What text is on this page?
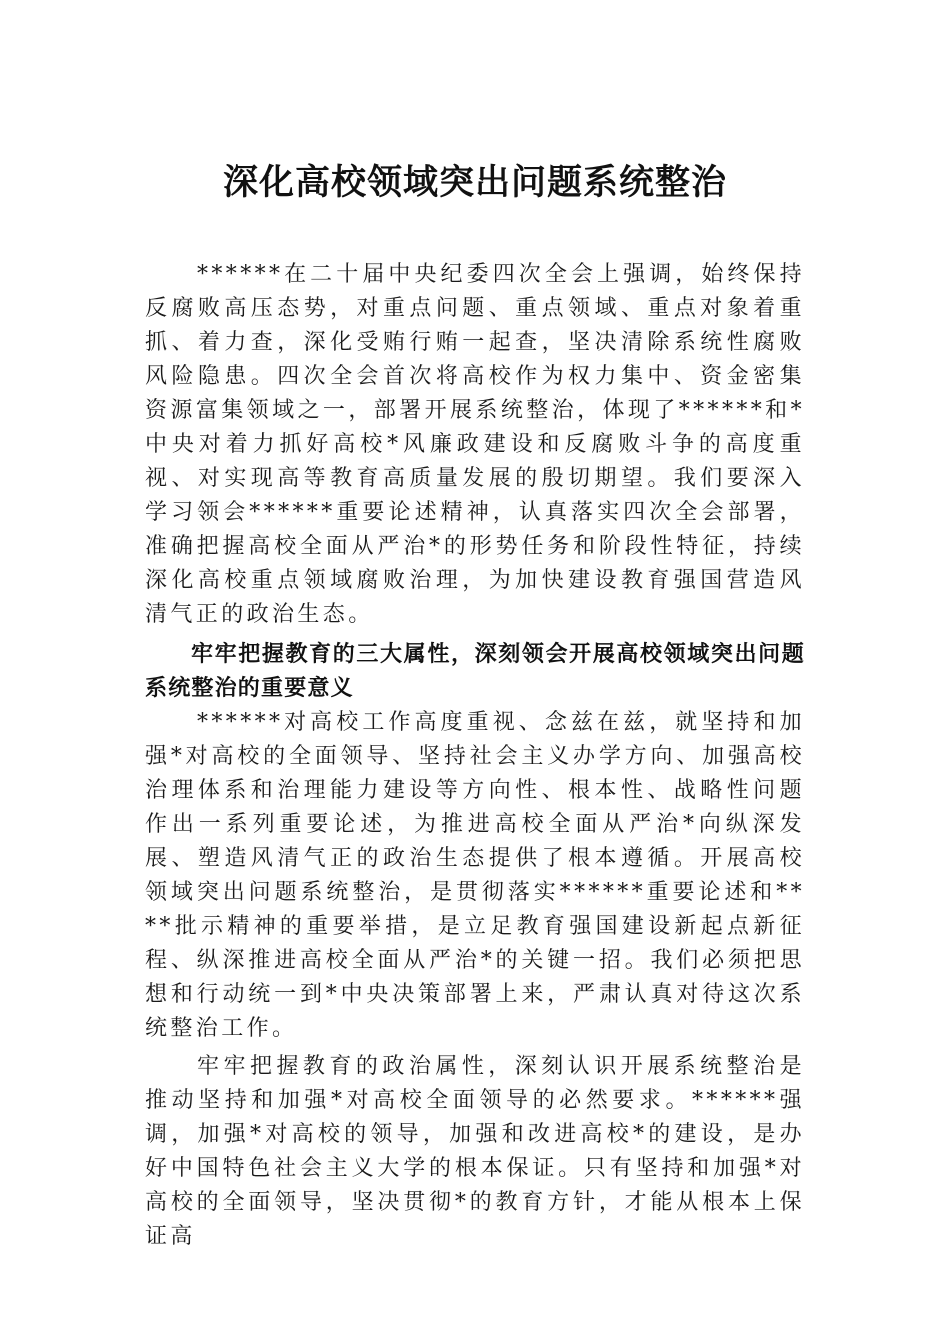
深化高校领域突出问题系统整治

******在二十届中央纪委四次全会上强调，始终保持反腐败高压态势，对重点问题、重点领域、重点对象着重抓、着力查，深化受贿行贿一起查，坚决清除系统性腐败风险隐患。四次全会首次将高校作为权力集中、资金密集资源富集领域之一，部署开展系统整治，体现了******和*中央对着力抓好高校*风廉政建设和反腐败斗争的高度重视、对实现高等教育高质量发展的殷切期望。我们要深入学习领会******重要论述精神，认真落实四次全会部署，准确把握高校全面从严治*的形势任务和阶段性特征，持续深化高校重点领域腐败治理，为加快建设教育强国营造风清气正的政治生态。

牢牢把握教育的三大属性，深刻领会开展高校领域突出问题系统整治的重要意义

******对高校工作高度重视、念兹在兹，就坚持和加强*对高校的全面领导、坚持社会主义办学方向、加强高校治理体系和治理能力建设等方向性、根本性、战略性问题作出一系列重要论述，为推进高校全面从严治*向纵深发展、塑造风清气正的政治生态提供了根本遵循。开展高校领域突出问题系统整治，是贯彻落实******重要论述和****批示精神的重要举措，是立足教育强国建设新起点新征程、纵深推进高校全面从严治*的关键一招。我们必须把思想和行动统一到*中央决策部署上来，严肃认真对待这次系统整治工作。

牢牢把握教育的政治属性，深刻认识开展系统整治是推动坚持和加强*对高校全面领导的必然要求。******强调，加强*对高校的领导，加强和改进高校*的建设，是办好中国特色社会主义大学的根本保证。只有坚持和加强*对高校的全面领导，坚决贯彻*的教育方针，才能从根本上保证高
